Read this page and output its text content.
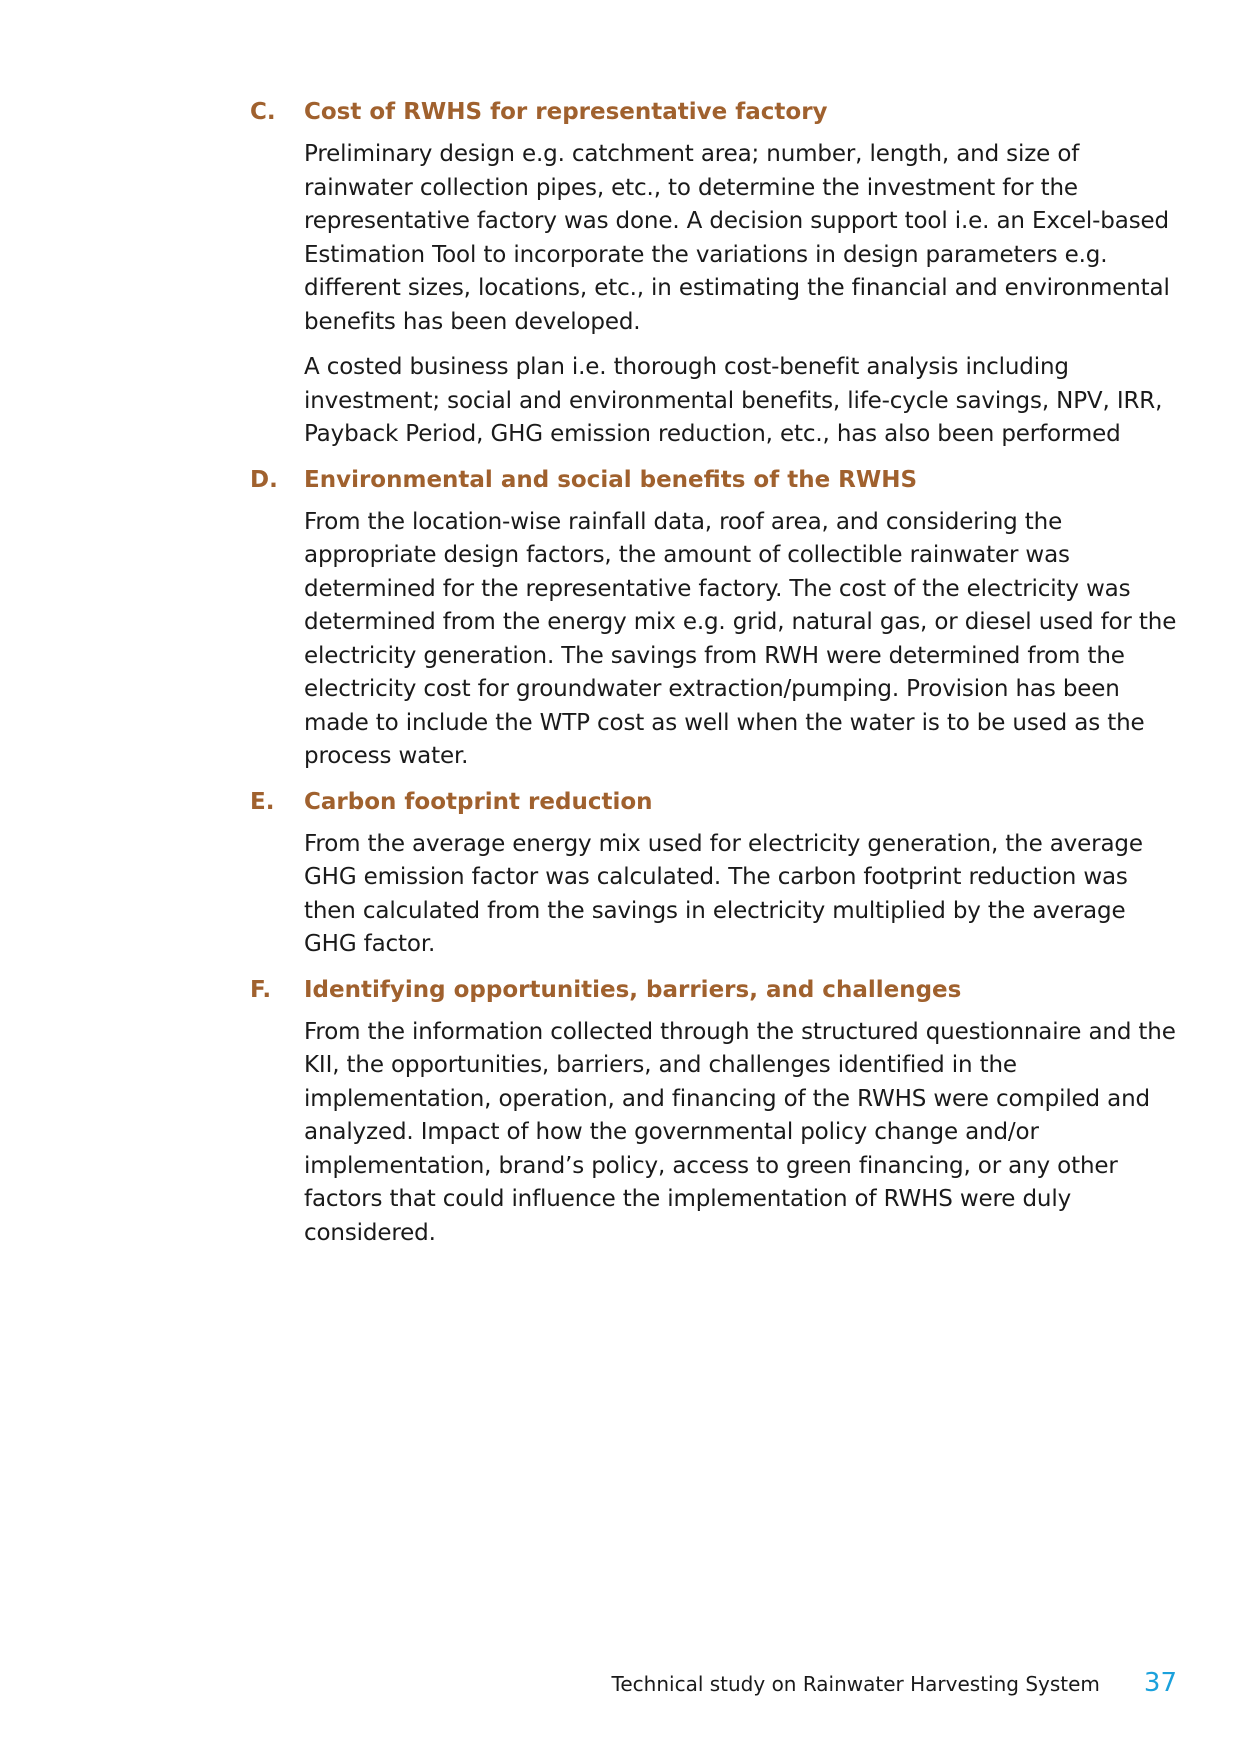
C.	Cost of RWHS for representative factory

Preliminary design e.g. catchment area; number, length, and size of rainwater collection pipes, etc., to determine the investment for the representative factory was done. A decision support tool i.e. an Excel-based Estimation Tool to incorporate the variations in design parameters e.g. different sizes, locations, etc., in estimating the financial and environmental benefits has been developed.

A costed business plan i.e. thorough cost-benefit analysis including investment; social and environmental benefits, life-cycle savings, NPV, IRR, Payback Period, GHG emission reduction, etc., has also been performed

D.	Environmental and social benefits of the RWHS

From the location-wise rainfall data, roof area, and considering the appropriate design factors, the amount of collectible rainwater was determined for the representative factory. The cost of the electricity was determined from the energy mix e.g. grid, natural gas, or diesel used for the electricity generation. The savings from RWH were determined from the electricity cost for groundwater extraction/pumping. Provision has been made to include the WTP cost as well when the water is to be used as the process water.

E.	Carbon footprint reduction

From the average energy mix used for electricity generation, the average GHG emission factor was calculated. The carbon footprint reduction was then calculated from the savings in electricity multiplied by the average GHG factor.

F.	Identifying opportunities, barriers, and challenges

From the information collected through the structured questionnaire and the KII, the opportunities, barriers, and challenges identified in the implementation, operation, and financing of the RWHS were compiled and analyzed. Impact of how the governmental policy change and/or implementation, brand’s policy, access to green financing, or any other factors that could influence the implementation of RWHS were duly considered.

Technical study on Rainwater Harvesting System 37
